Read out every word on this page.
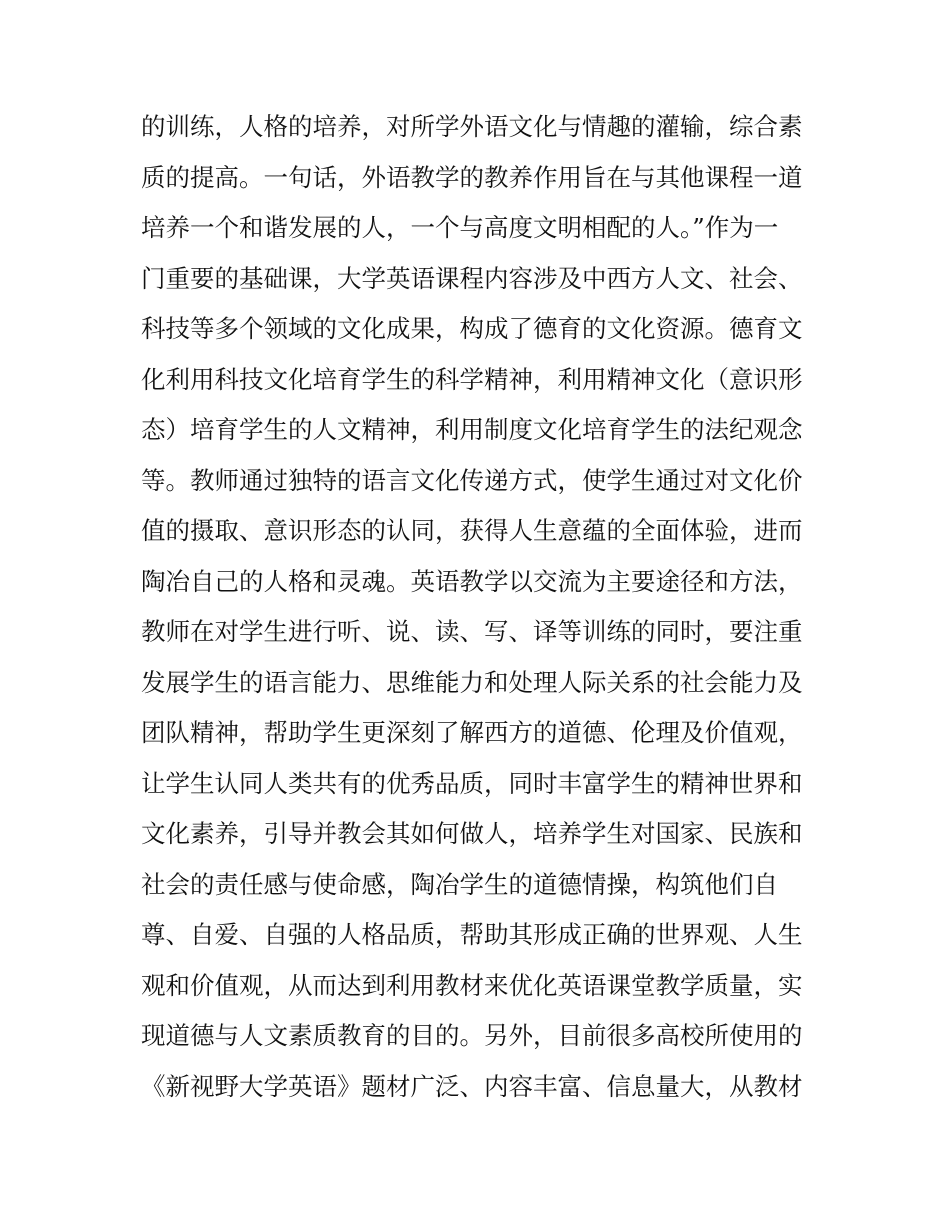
的训练，人格的培养，对所学外语文化与情趣的灌输，综合素
质的提高。一句话，外语教学的教养作用旨在与其他课程一道
培养一个和谐发展的人，一个与高度文明相配的人。”作为一
门重要的基础课，大学英语课程内容涉及中西方人文、社会、
科技等多个领域的文化成果，构成了德育的文化资源。德育文
化利用科技文化培育学生的科学精神，利用精神文化（意识形
态）培育学生的人文精神，利用制度文化培育学生的法纪观念
等。教师通过独特的语言文化传递方式，使学生通过对文化价
值的摄取、意识形态的认同，获得人生意蕴的全面体验，进而
陶冶自己的人格和灵魂。英语教学以交流为主要途径和方法，
教师在对学生进行听、说、读、写、译等训练的同时，要注重
发展学生的语言能力、思维能力和处理人际关系的社会能力及
团队精神，帮助学生更深刻了解西方的道德、伦理及价值观，
让学生认同人类共有的优秀品质，同时丰富学生的精神世界和
文化素养，引导并教会其如何做人，培养学生对国家、民族和
社会的责任感与使命感，陶冶学生的道德情操，构筑他们自
尊、自爱、自强的人格品质，帮助其形成正确的世界观、人生
观和价值观，从而达到利用教材来优化英语课堂教学质量，实
现道德与人文素质教育的目的。另外，目前很多高校所使用的
《新视野大学英语》题材广泛、内容丰富、信息量大，从教材
